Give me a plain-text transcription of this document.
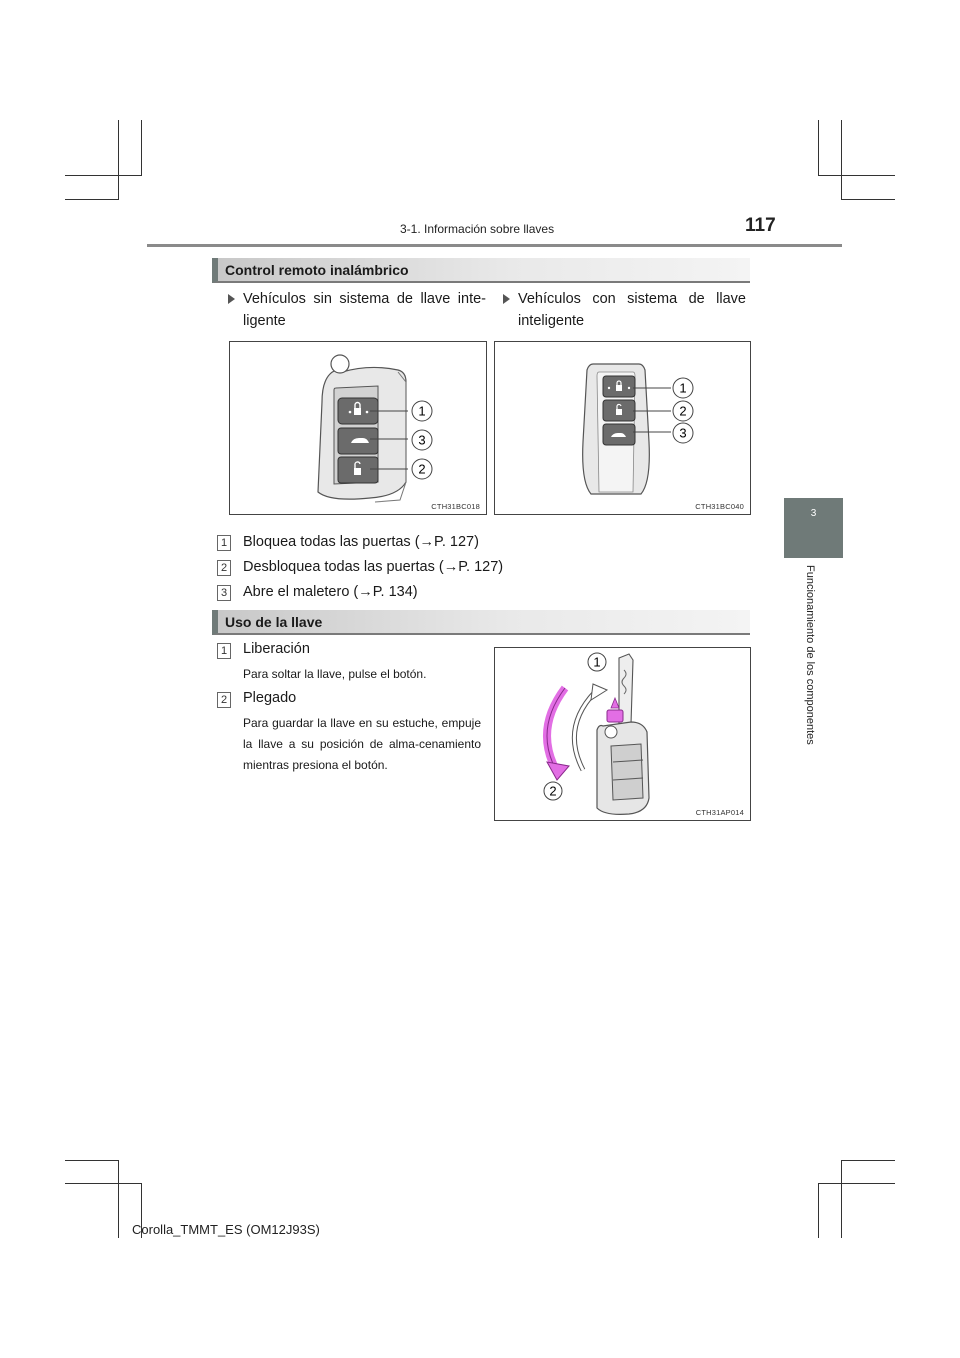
3-1. Información sobre llaves	117
3
Funcionamiento de los componentes
Control remoto inalámbrico
Vehículos sin sistema de llave inte-ligente
Vehículos con sistema de llave inteligente
1
3
2
CTH31BC018
1
2
3
CTH31BC040
1 Bloquea todas las puertas (→P. 127)
2 Desbloquea todas las puertas (→P. 127)
3 Abre el maletero (→P. 134)
Uso de la llave
1 Liberación
Para soltar la llave, pulse el botón.
2 Plegado
Para guardar la llave en su estuche, empuje la llave a su posición de alma-cenamiento mientras presiona el botón.
1
2
CTH31AP014
Corolla_TMMT_ES (OM12J93S)
